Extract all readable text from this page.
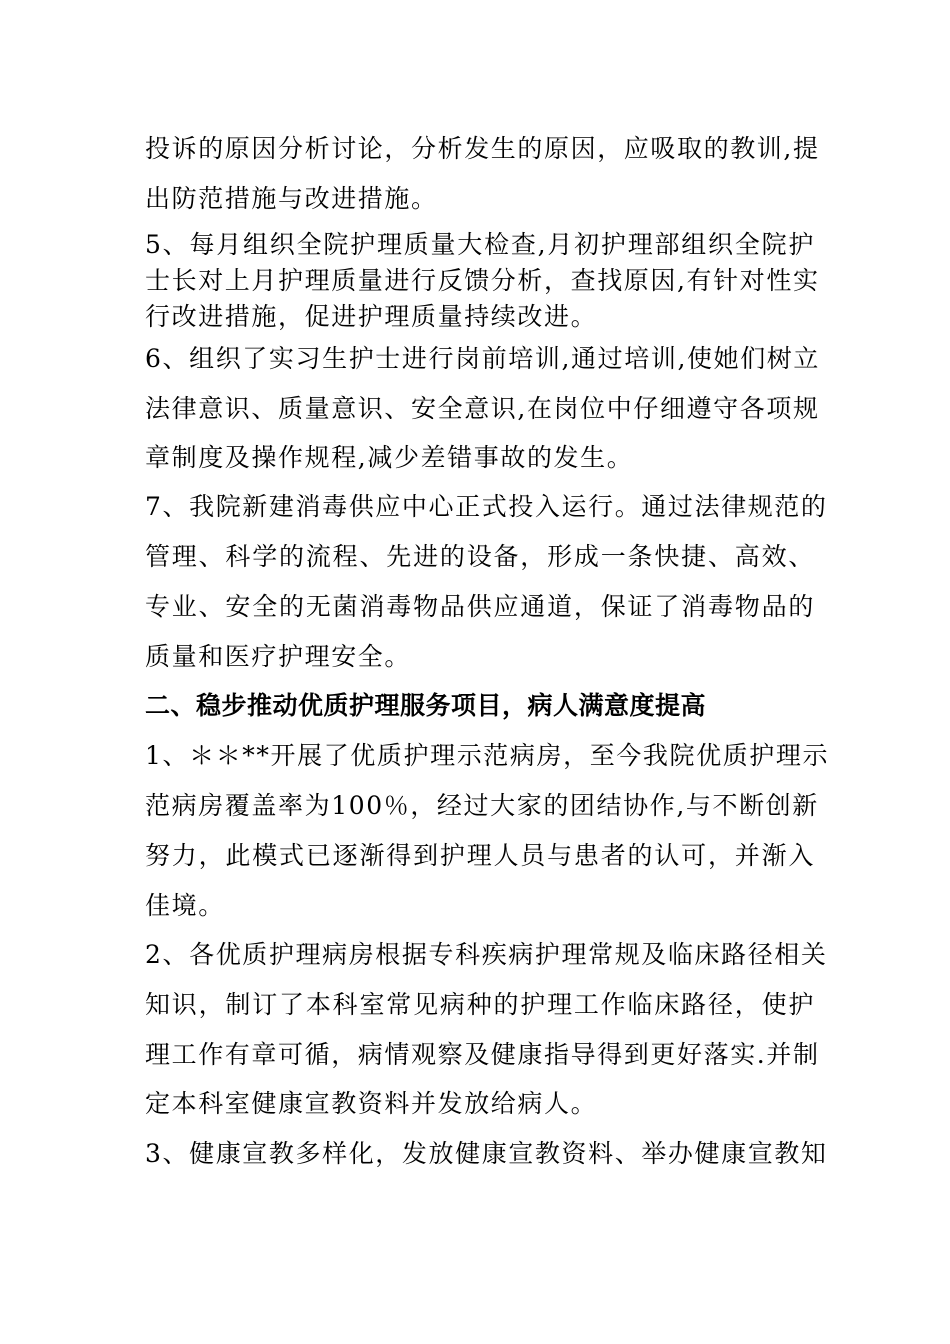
投诉的原因分析讨论，分析发生的原因，应吸取的教训,提
出防范措施与改进措施。
5、每月组织全院护理质量大检查,月初护理部组织全院护
士长对上月护理质量进行反馈分析，查找原因,有针对性实
行改进措施，促进护理质量持续改进。
6、组织了实习生护士进行岗前培训,通过培训,使她们树立
法律意识、质量意识、安全意识,在岗位中仔细遵守各项规
章制度及操作规程,减少差错事故的发生。
7、我院新建消毒供应中心正式投入运行。通过法律规范的
管理、科学的流程、先进的设备，形成一条快捷、高效、
专业、安全的无菌消毒物品供应通道，保证了消毒物品的
质量和医疗护理安全。
二、稳步推动优质护理服务项目，病人满意度提高
1、＊＊**开展了优质护理示范病房，至今我院优质护理示
范病房覆盖率为100％，经过大家的团结协作,与不断创新
努力，此模式已逐渐得到护理人员与患者的认可，并渐入
佳境。
2、各优质护理病房根据专科疾病护理常规及临床路径相关
知识，制订了本科室常见病种的护理工作临床路径，使护
理工作有章可循，病情观察及健康指导得到更好落实.并制
定本科室健康宣教资料并发放给病人。
3、健康宣教多样化，发放健康宣教资料、举办健康宣教知
